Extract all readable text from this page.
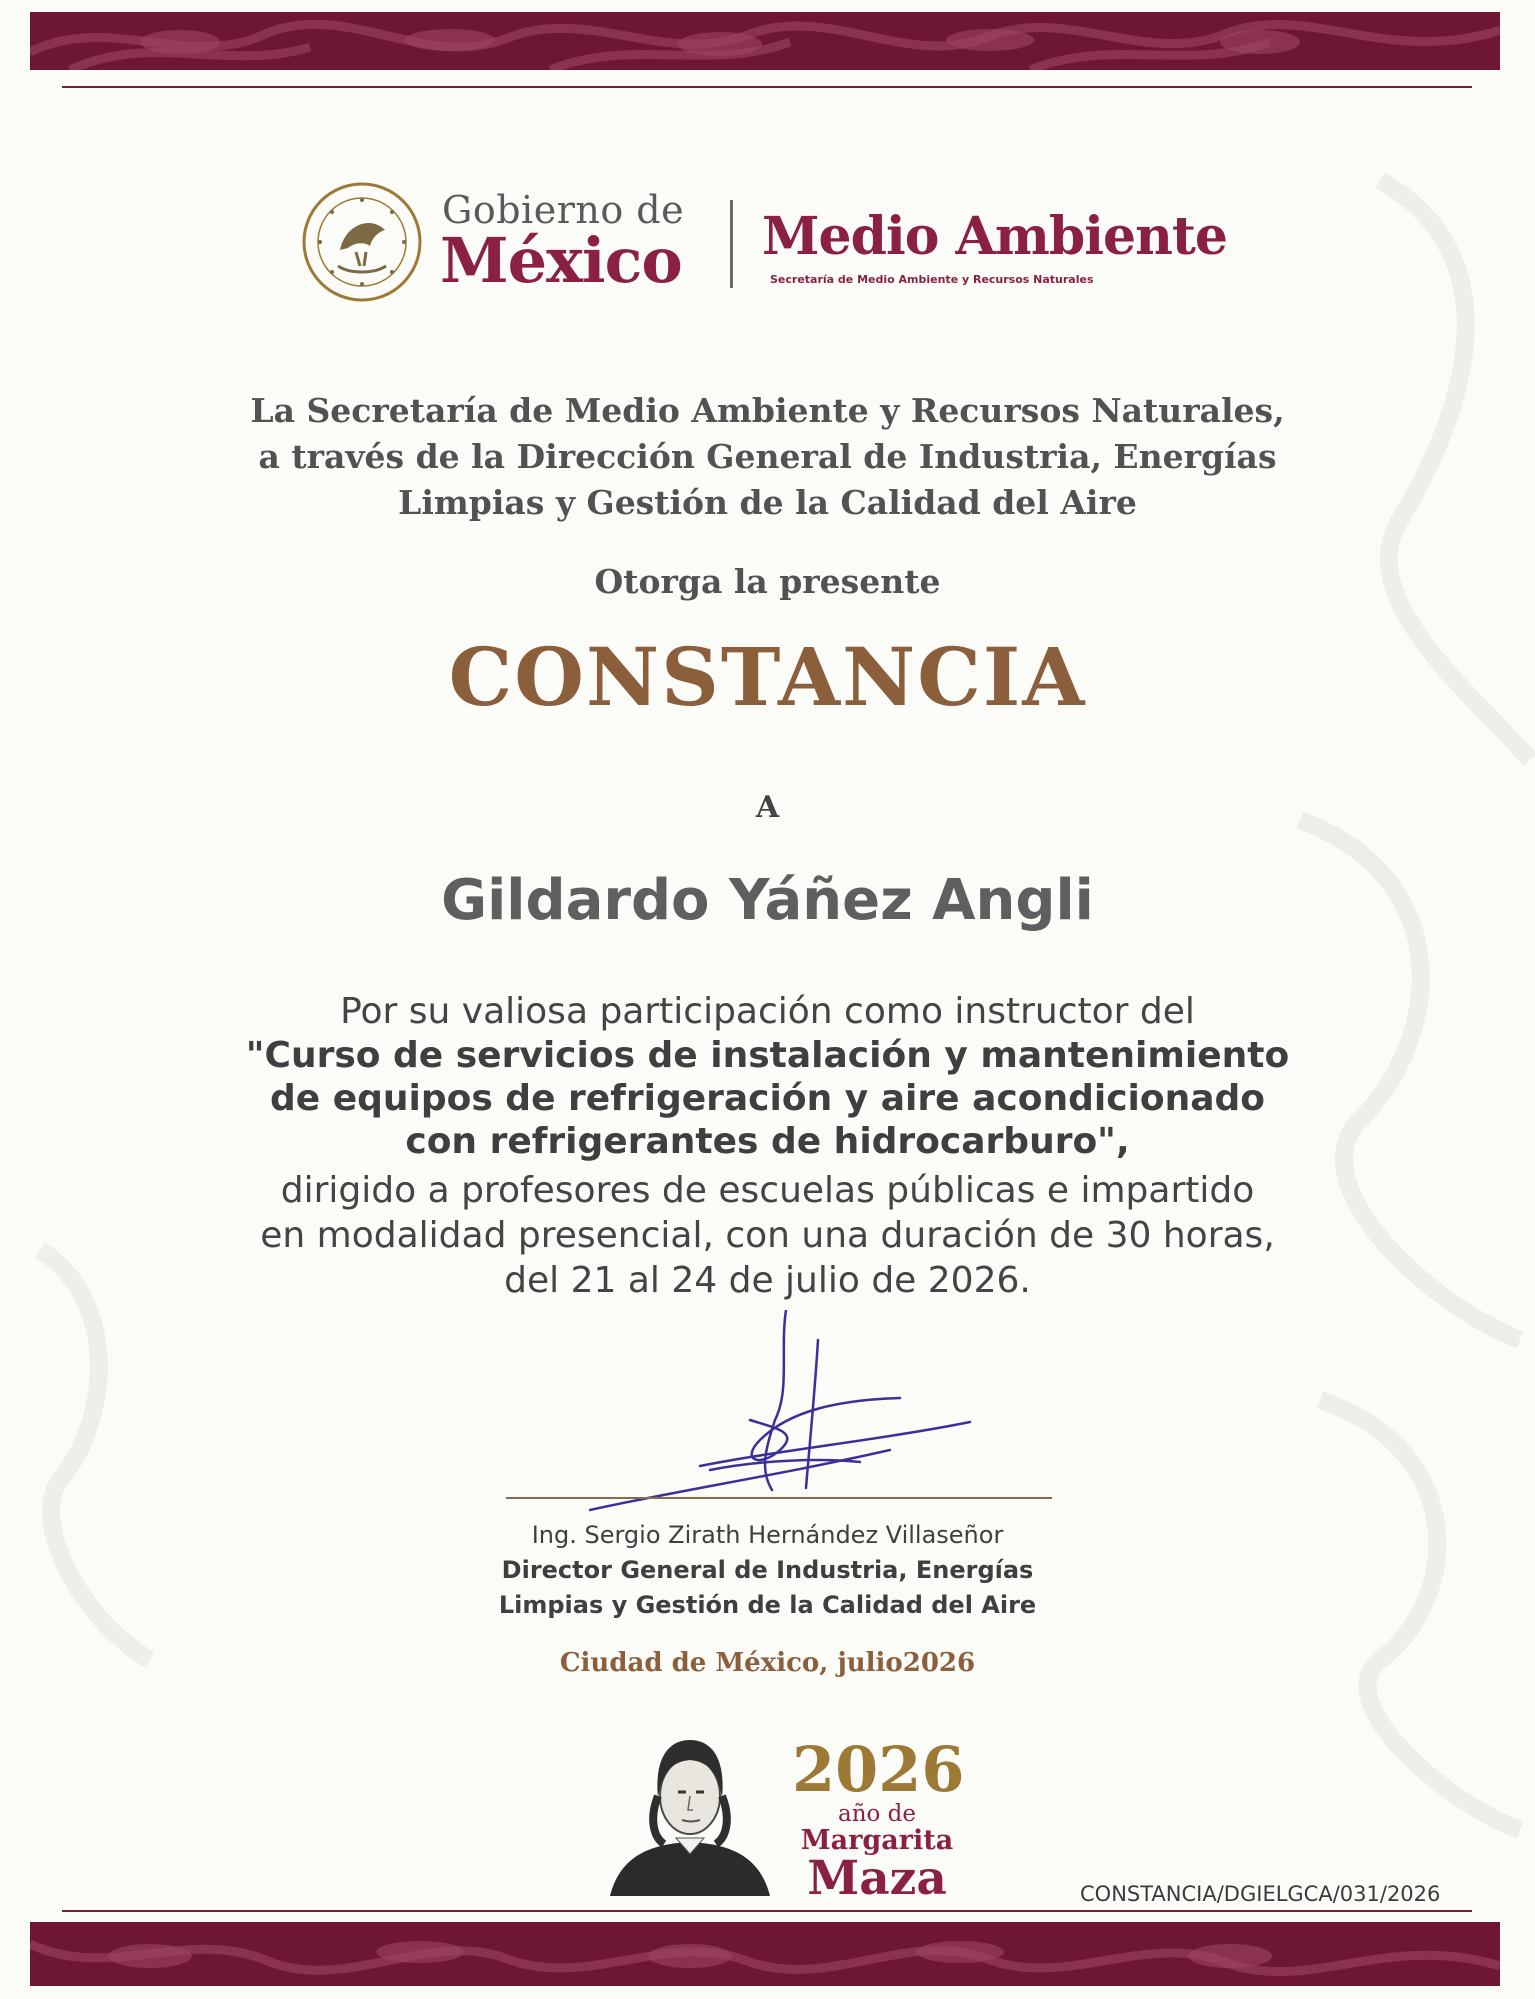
Gobierno de
México Medio Ambiente
Secretaría de Medio Ambiente y Recursos Naturales
La Secretaría de Medio Ambiente y Recursos Naturales,
a través de la Dirección General de Industria, Energías
Limpias y Gestión de la Calidad del Aire
Otorga la presente
CONSTANCIA
A
Gildardo Yáñez Angli
Por su valiosa participación como instructor del
"Curso de servicios de instalación y mantenimiento
de equipos de refrigeración y aire acondicionado
con refrigerantes de hidrocarburo",
dirigido a profesores de escuelas públicas e impartido
en modalidad presencial, con una duración de 30 horas,
del 21 al 24 de julio de 2026.
Ing. Sergio Zirath Hernández Villaseñor
Director General de Industria, Energías
Limpias y Gestión de la Calidad del Aire
Ciudad de México, julio2026
2026
año de
Margarita
Maza	CONSTANCIA/DGIELGCA/031/2026
